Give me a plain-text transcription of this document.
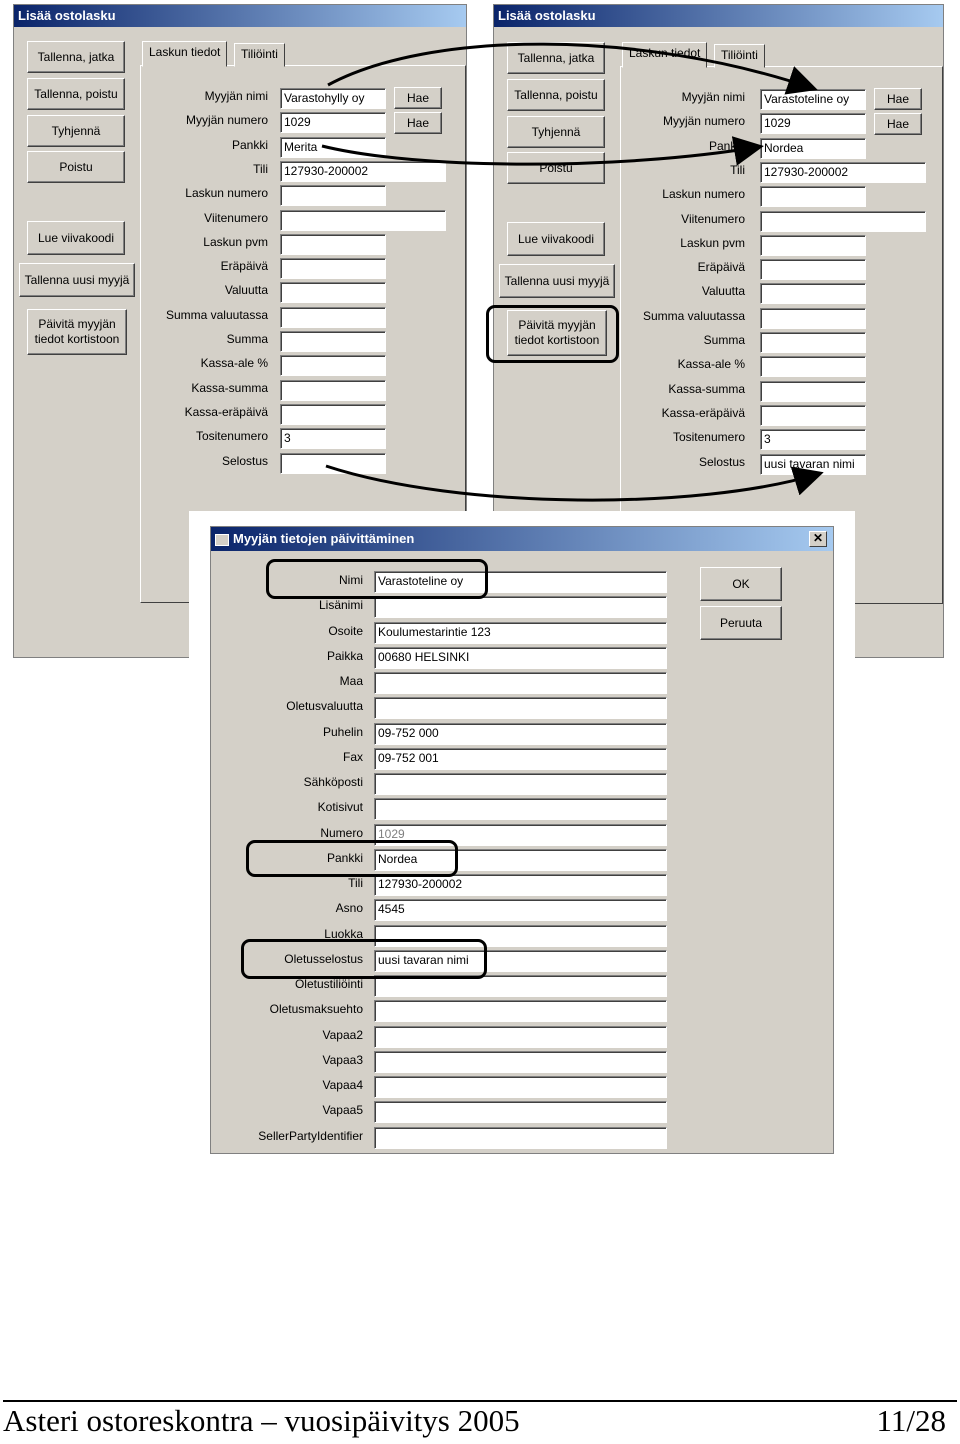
Lisää ostolasku
Tallenna, jatka
Tallenna, poistu
Tyhjennä
Poistu
Lue viivakoodi
Tallenna uusi myyjä
Päivitä myyjän tiedot kortistoon
Laskun tiedot	Tiliöinti
Hae
Hae
Myyjän nimi	Varastohylly oy
Myyjän numero	1029
Pankki	Merita
Tili	127930-200002
Laskun numero
Viitenumero
Laskun pvm
Eräpäivä
Valuutta
Summa valuutassa
Summa
Kassa-ale %
Kassa-summa
Kassa-eräpäivä
Tositenumero	3
Selostus
Lisää ostolasku
Tallenna, jatka
Tallenna, poistu
Tyhjennä
Poistu
Lue viivakoodi
Tallenna uusi myyjä
Päivitä myyjän tiedot kortistoon
Laskun tiedot	Tiliöinti
Hae
Hae
Myyjän nimi	Varastoteline oy
Myyjän numero	1029
Pankki	Nordea
Tili	127930-200002
Laskun numero
Viitenumero
Laskun pvm
Eräpäivä
Valuutta
Summa valuutassa
Summa
Kassa-ale %
Kassa-summa
Kassa-eräpäivä
Tositenumero	3
Selostus	uusi tavaran nimi
Myyjän tietojen päivittäminen	✕
OK
Peruuta
Nimi	Varastoteline oy
Lisänimi
Osoite	Koulumestarintie 123
Paikka	00680 HELSINKI
Maa
Oletusvaluutta
Puhelin	09-752 000
Fax	09-752 001
Sähköposti
Kotisivut
Numero	1029
Pankki	Nordea
Tili	127930-200002
Asno	4545
Luokka
Oletusselostus	uusi tavaran nimi
Oletustiliöinti
Oletusmaksuehto
Vapaa2
Vapaa3
Vapaa4
Vapaa5
SellerPartyIdentifier
Asteri ostoreskontra – vuosipäivitys 2005	11/28
